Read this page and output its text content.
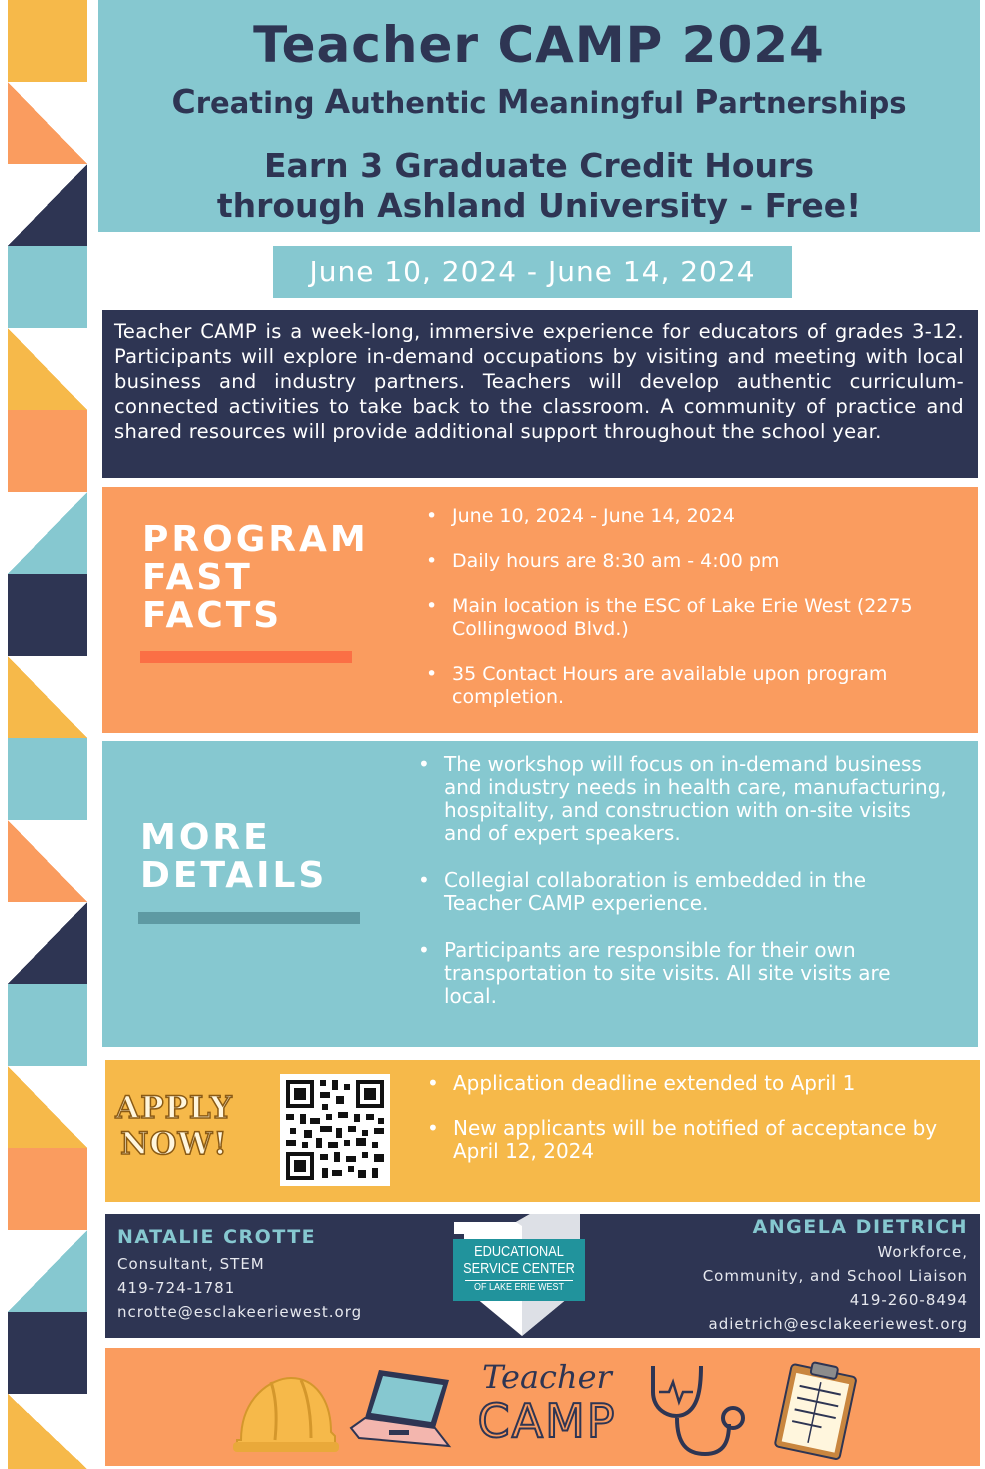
Teacher CAMP 2024
Creating Authentic Meaningful Partnerships
Earn 3 Graduate Credit Hours
through Ashland University - Free!
June 10, 2024 - June 14, 2024

Teacher CAMP is a week-long, immersive experience for educators of grades 3-12. Participants will explore in-demand occupations by visiting and meeting with local business and industry partners. Teachers will develop authentic curriculum-connected activities to take back to the classroom. A community of practice and shared resources will provide additional support throughout the school year.

PROGRAM
FAST
FACTS
• June 10, 2024 - June 14, 2024
• Daily hours are 8:30 am - 4:00 pm
• Main location is the ESC of Lake Erie West (2275 Collingwood Blvd.)
• 35 Contact Hours are available upon program completion.
MORE
DETAILS
• The workshop will focus on in-demand business and industry needs in health care, manufacturing, hospitality, and construction with on-site visits and of expert speakers.
• Collegial collaboration is embedded in the Teacher CAMP experience.
• Participants are responsible for their own transportation to site visits. All site visits are local.
APPLY
NOW!
• Application deadline extended to April 1
• New applicants will be notified of acceptance by April 12, 2024
NATALIE CROTTE
Consultant, STEM
419-724-1781
ncrotte@esclakeeriewest.org
EDUCATIONAL
SERVICE CENTER
OF LAKE ERIE WEST
ANGELA DIETRICH
Workforce,
Community, and School Liaison
419-260-8494
adietrich@esclakeeriewest.org
Teacher
CAMP
